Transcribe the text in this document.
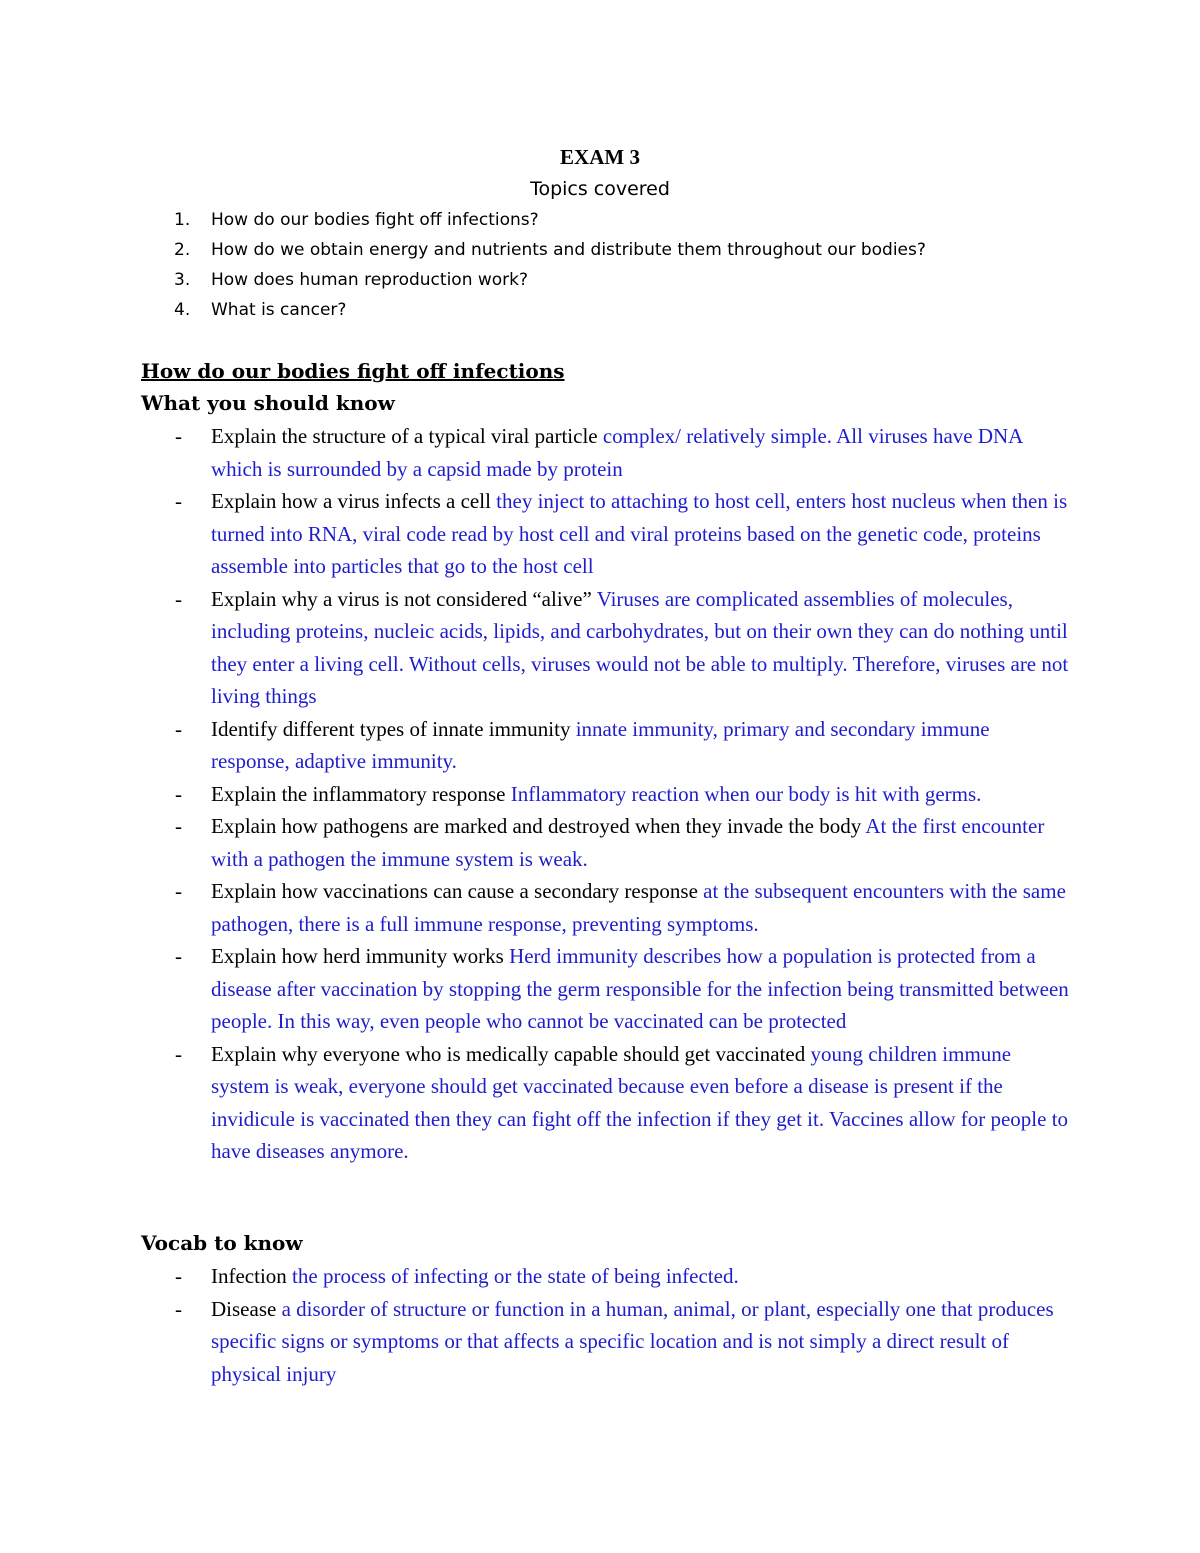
EXAM 3
Topics covered
1.	How do our bodies fight off infections?
2.	How do we obtain energy and nutrients and distribute them throughout our bodies?
3.	How does human reproduction work?
4.	What is cancer?
How do our bodies fight off infections
What you should know
- Explain the structure of a typical viral particle complex/ relatively simple. All viruses have DNA which is surrounded by a capsid made by protein
- Explain how a virus infects a cell they inject to attaching to host cell, enters host nucleus when then is turned into RNA, viral code read by host cell and viral proteins based on the genetic code, proteins assemble into particles that go to the host cell
- Explain why a virus is not considered “alive” Viruses are complicated assemblies of molecules, including proteins, nucleic acids, lipids, and carbohydrates, but on their own they can do nothing until they enter a living cell. Without cells, viruses would not be able to multiply. Therefore, viruses are not living things
- Identify different types of innate immunity innate immunity, primary and secondary immune response, adaptive immunity.
- Explain the inflammatory response Inflammatory reaction when our body is hit with germs.
- Explain how pathogens are marked and destroyed when they invade the body At the first encounter with a pathogen the immune system is weak.
- Explain how vaccinations can cause a secondary response at the subsequent encounters with the same pathogen, there is a full immune response, preventing symptoms.
- Explain how herd immunity works Herd immunity describes how a population is protected from a disease after vaccination by stopping the germ responsible for the infection being transmitted between people. In this way, even people who cannot be vaccinated can be protected
- Explain why everyone who is medically capable should get vaccinated young children immune system is weak, everyone should get vaccinated because even before a disease is present if the invidicule is vaccinated then they can fight off the infection if they get it. Vaccines allow for people to have diseases anymore.
Vocab to know
- Infection the process of infecting or the state of being infected.
- Disease a disorder of structure or function in a human, animal, or plant, especially one that produces specific signs or symptoms or that affects a specific location and is not simply a direct result of physical injury
